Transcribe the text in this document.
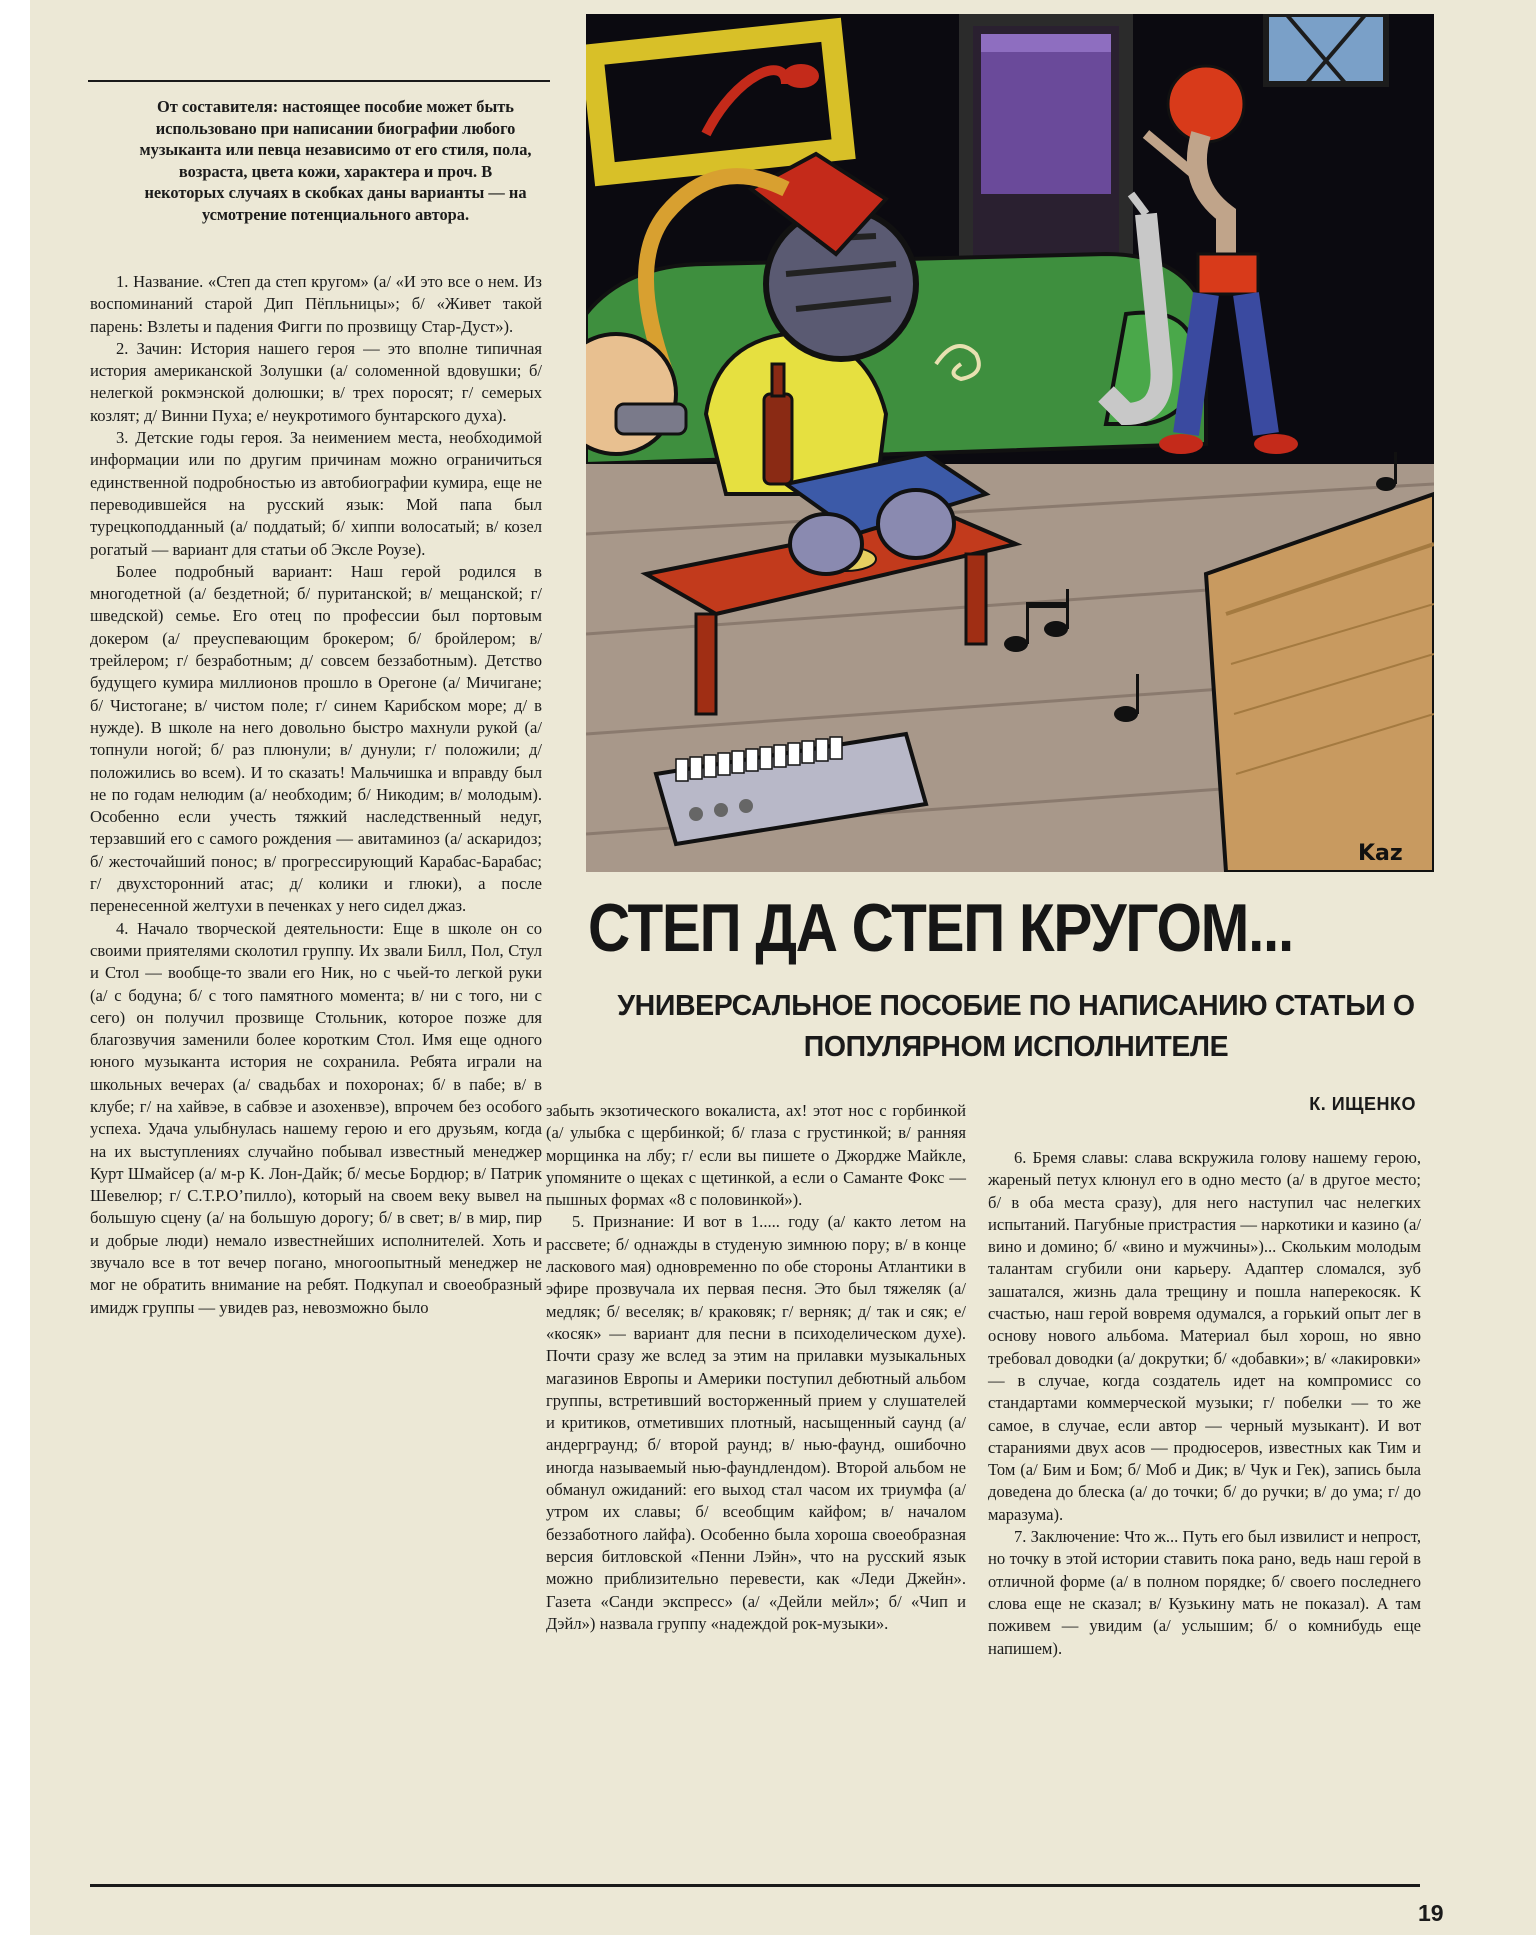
От составителя: настоящее пособие может быть использовано при написании биографии любого музыканта или певца независимо от его стиля, пола, возраста, цвета кожи, характера и проч. В некоторых случаях в скобках даны варианты — на усмотрение потенциального автора.

1. Название. «Степ да степ кругом» (а/ «И это все о нем. Из воспоминаний старой Дип Пёпльницы»; б/ «Живет такой парень: Взлеты и падения Фигги по прозвищу Стар-Дуст»).

2. Зачин: История нашего героя — это вполне типичная история американской Золушки (а/ соломенной вдовушки; б/ нелегкой рокмэнской долюшки; в/ трех поросят; г/ семерых козлят; д/ Винни Пуха; е/ неукротимого бунтарского духа).

3. Детские годы героя. За неимением места, необходимой информации или по другим причинам можно ограничиться единственной подробностью из автобиографии кумира, еще не переводившейся на русский язык: Мой папа был турецкоподданный (а/ поддатый; б/ хиппи волосатый; в/ козел рогатый — вариант для статьи об Эксле Роузе).

Более подробный вариант: Наш герой родился в многодетной (а/ бездетной; б/ пуританской; в/ мещанской; г/ шведской) семье. Его отец по профессии был портовым докером (а/ преуспевающим брокером; б/ бройлером; в/ трейлером; г/ безработным; д/ совсем беззаботным). Детство будущего кумира миллионов прошло в Орегоне (а/ Мичигане; б/ Чистогане; в/ чистом поле; г/ синем Карибском море; д/ в нужде). В школе на него довольно быстро махнули рукой (а/ топнули ногой; б/ раз плюнули; в/ дунули; г/ положили; д/ положились во всем). И то сказать! Мальчишка и вправду был не по годам нелюдим (а/ необходим; б/ Никодим; в/ молодым). Особенно если учесть тяжкий наследственный недуг, терзавший его с самого рождения — авитаминоз (а/ аскаридоз; б/ жесточайший понос; в/ прогрессирующий Карабас-Барабас; г/ двухсторонний атас; д/ колики и глюки), а после перенесенной желтухи в печенках у него сидел джаз.

4. Начало творческой деятельности: Еще в школе он со своими приятелями сколотил группу. Их звали Билл, Пол, Стул и Стол — вообще-то звали его Ник, но с чьей-то легкой руки (а/ с бодуна; б/ с того памятного момента; в/ ни с того, ни с сего) он получил прозвище Стольник, которое позже для благозвучия заменили более коротким Стол. Имя еще одного юного музыканта история не сохранила. Ребята играли на школьных вечерах (а/ свадьбах и похоронах; б/ в пабе; в/ в клубе; г/ на хайвэе, в сабвэе и азохенвэе), впрочем без особого успеха. Удача улыбнулась нашему герою и его друзьям, когда на их выступлениях случайно побывал известный менеджер Курт Шмайсер (а/ м-р К. Лон-Дайк; б/ месье Бордюр; в/ Патрик Шевелюр; г/ С.Т.Р.О’пилло), который на своем веку вывел на большую сцену (а/ на большую дорогу; б/ в свет; в/ в мир, пир и добрые люди) немало известнейших исполнителей. Хоть и звучало все в тот вечер погано, многоопытный менеджер не мог не обратить внимание на ребят. Подкупал и своеобразный имидж группы — увидев раз, невозможно было

Kaz
СТЕП ДА СТЕП КРУГОМ...
УНИВЕРСАЛЬНОЕ ПОСОБИЕ ПО НАПИСАНИЮ СТАТЬИ О ПОПУЛЯРНОМ ИСПОЛНИТЕЛЕ
К. ИЩЕНКО

забыть экзотического вокалиста, ах! этот нос с горбинкой (а/ улыбка с щербинкой; б/ глаза с грустинкой; в/ ранняя морщинка на лбу; г/ если вы пишете о Джордже Майкле, упомяните о щеках с щетинкой, а если о Саманте Фокс — пышных формах «8 с половинкой»).

5. Признание: И вот в 1..... году (а/ както летом на рассвете; б/ однажды в студеную зимнюю пору; в/ в конце ласкового мая) одновременно по обе стороны Атлантики в эфире прозвучала их первая песня. Это был тяжеляк (а/ медляк; б/ веселяк; в/ краковяк; г/ верняк; д/ так и сяк; е/ «косяк» — вариант для песни в психоделическом духе). Почти сразу же вслед за этим на прилавки музыкальных магазинов Европы и Америки поступил дебютный альбом группы, встретивший восторженный прием у слушателей и критиков, отметивших плотный, насыщенный саунд (а/ андерграунд; б/ второй раунд; в/ нью-фаунд, ошибочно иногда называемый нью-фаундлендом). Второй альбом не обманул ожиданий: его выход стал часом их триумфа (а/ утром их славы; б/ всеобщим кайфом; в/ началом беззаботного лайфа). Особенно была хороша своеобразная версия битловской «Пенни Лэйн», что на русский язык можно приблизительно перевести, как «Леди Джейн». Газета «Санди экспресс» (а/ «Дейли мейл»; б/ «Чип и Дэйл») назвала группу «надеждой рок-музыки».

6. Бремя славы: слава вскружила голову нашему герою, жареный петух клюнул его в одно место (а/ в другое место; б/ в оба места сразу), для него наступил час нелегких испытаний. Пагубные пристрастия — наркотики и казино (а/ вино и домино; б/ «вино и мужчины»)... Скольким молодым талантам сгубили они карьеру. Адаптер сломался, зуб зашатался, жизнь дала трещину и пошла наперекосяк. К счастью, наш герой вовремя одумался, а горький опыт лег в основу нового альбома. Материал был хорош, но явно требовал доводки (а/ докрутки; б/ «добавки»; в/ «лакировки» — в случае, когда создатель идет на компромисс со стандартами коммерческой музыки; г/ побелки — то же самое, в случае, если автор — черный музыкант). И вот стараниями двух асов — продюсеров, известных как Тим и Том (а/ Бим и Бом; б/ Моб и Дик; в/ Чук и Гек), запись была доведена до блеска (а/ до точки; б/ до ручки; в/ до ума; г/ до маразума).

7. Заключение: Что ж... Путь его был извилист и непрост, но точку в этой истории ставить пока рано, ведь наш герой в отличной форме (а/ в полном порядке; б/ своего последнего слова еще не сказал; в/ Кузькину мать не показал). А там поживем — увидим (а/ услышим; б/ о комнибудь еще напишем).

19
